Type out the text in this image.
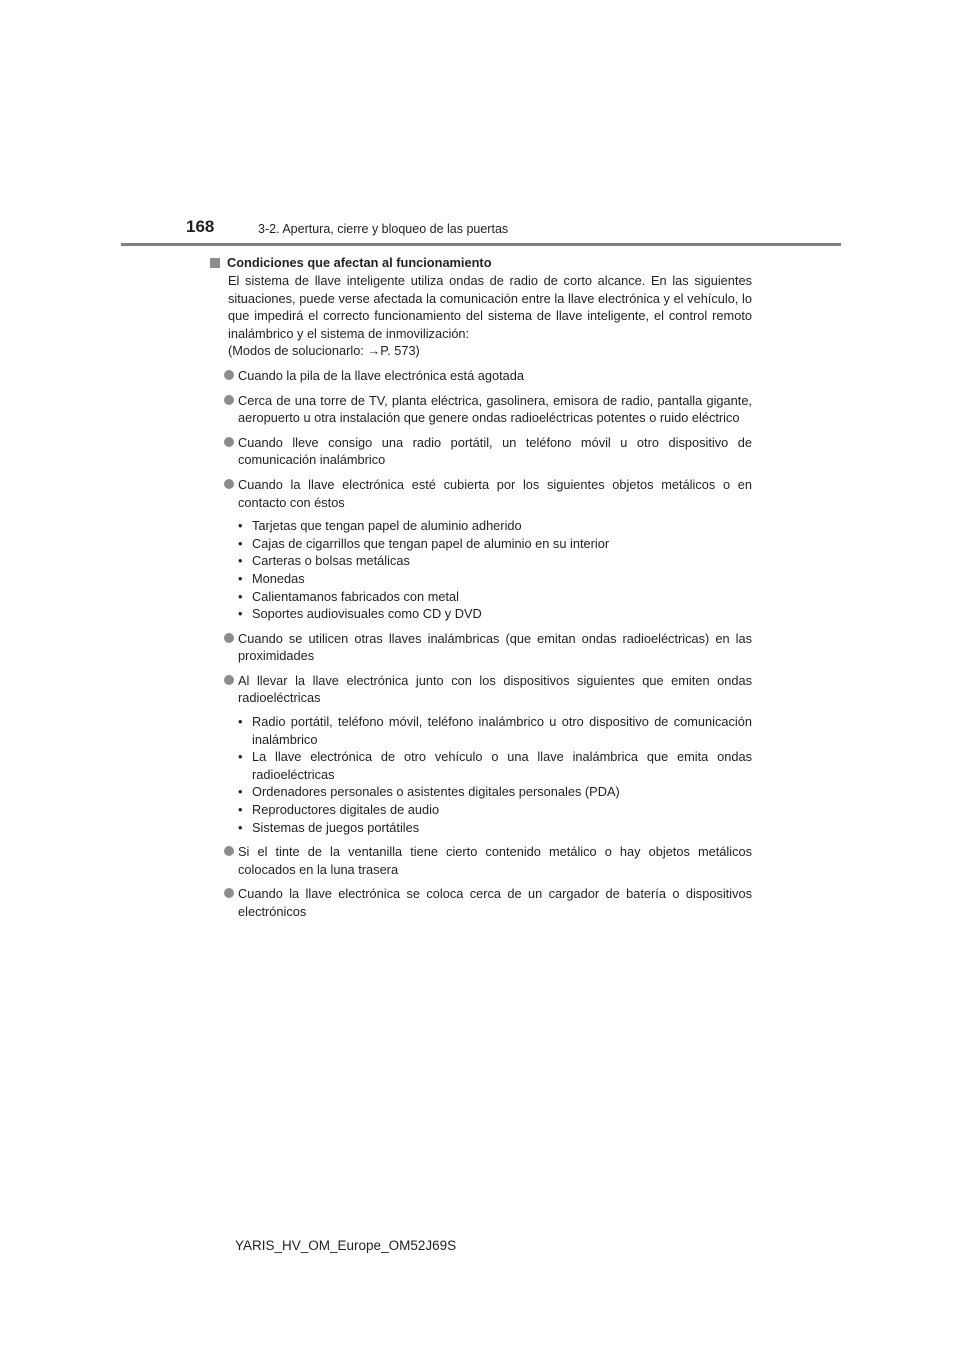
168	3-2. Apertura, cierre y bloqueo de las puertas
Condiciones que afectan al funcionamiento

El sistema de llave inteligente utiliza ondas de radio de corto alcance. En las siguientes situaciones, puede verse afectada la comunicación entre la llave electrónica y el vehículo, lo que impedirá el correcto funcionamiento del sistema de llave inteligente, el control remoto inalámbrico y el sistema de inmovilización:

(Modos de solucionarlo: →P. 573)

Cuando la pila de la llave electrónica está agotada
Cerca de una torre de TV, planta eléctrica, gasolinera, emisora de radio, pantalla gigante, aeropuerto u otra instalación que genere ondas radioeléctricas potentes o ruido eléctrico
Cuando lleve consigo una radio portátil, un teléfono móvil u otro dispositivo de comunicación inalámbrico
Cuando la llave electrónica esté cubierta por los siguientes objetos metálicos o en contacto con éstos
• Tarjetas que tengan papel de aluminio adherido
• Cajas de cigarrillos que tengan papel de aluminio en su interior
• Carteras o bolsas metálicas
• Monedas
• Calientamanos fabricados con metal
• Soportes audiovisuales como CD y DVD
Cuando se utilicen otras llaves inalámbricas (que emitan ondas radioeléctricas) en las proximidades
Al llevar la llave electrónica junto con los dispositivos siguientes que emiten ondas radioeléctricas
• Radio portátil, teléfono móvil, teléfono inalámbrico u otro dispositivo de comunicación inalámbrico
• La llave electrónica de otro vehículo o una llave inalámbrica que emita ondas radioeléctricas
• Ordenadores personales o asistentes digitales personales (PDA)
• Reproductores digitales de audio
• Sistemas de juegos portátiles
Si el tinte de la ventanilla tiene cierto contenido metálico o hay objetos metálicos colocados en la luna trasera
Cuando la llave electrónica se coloca cerca de un cargador de batería o dispositivos electrónicos
YARIS_HV_OM_Europe_OM52J69S
